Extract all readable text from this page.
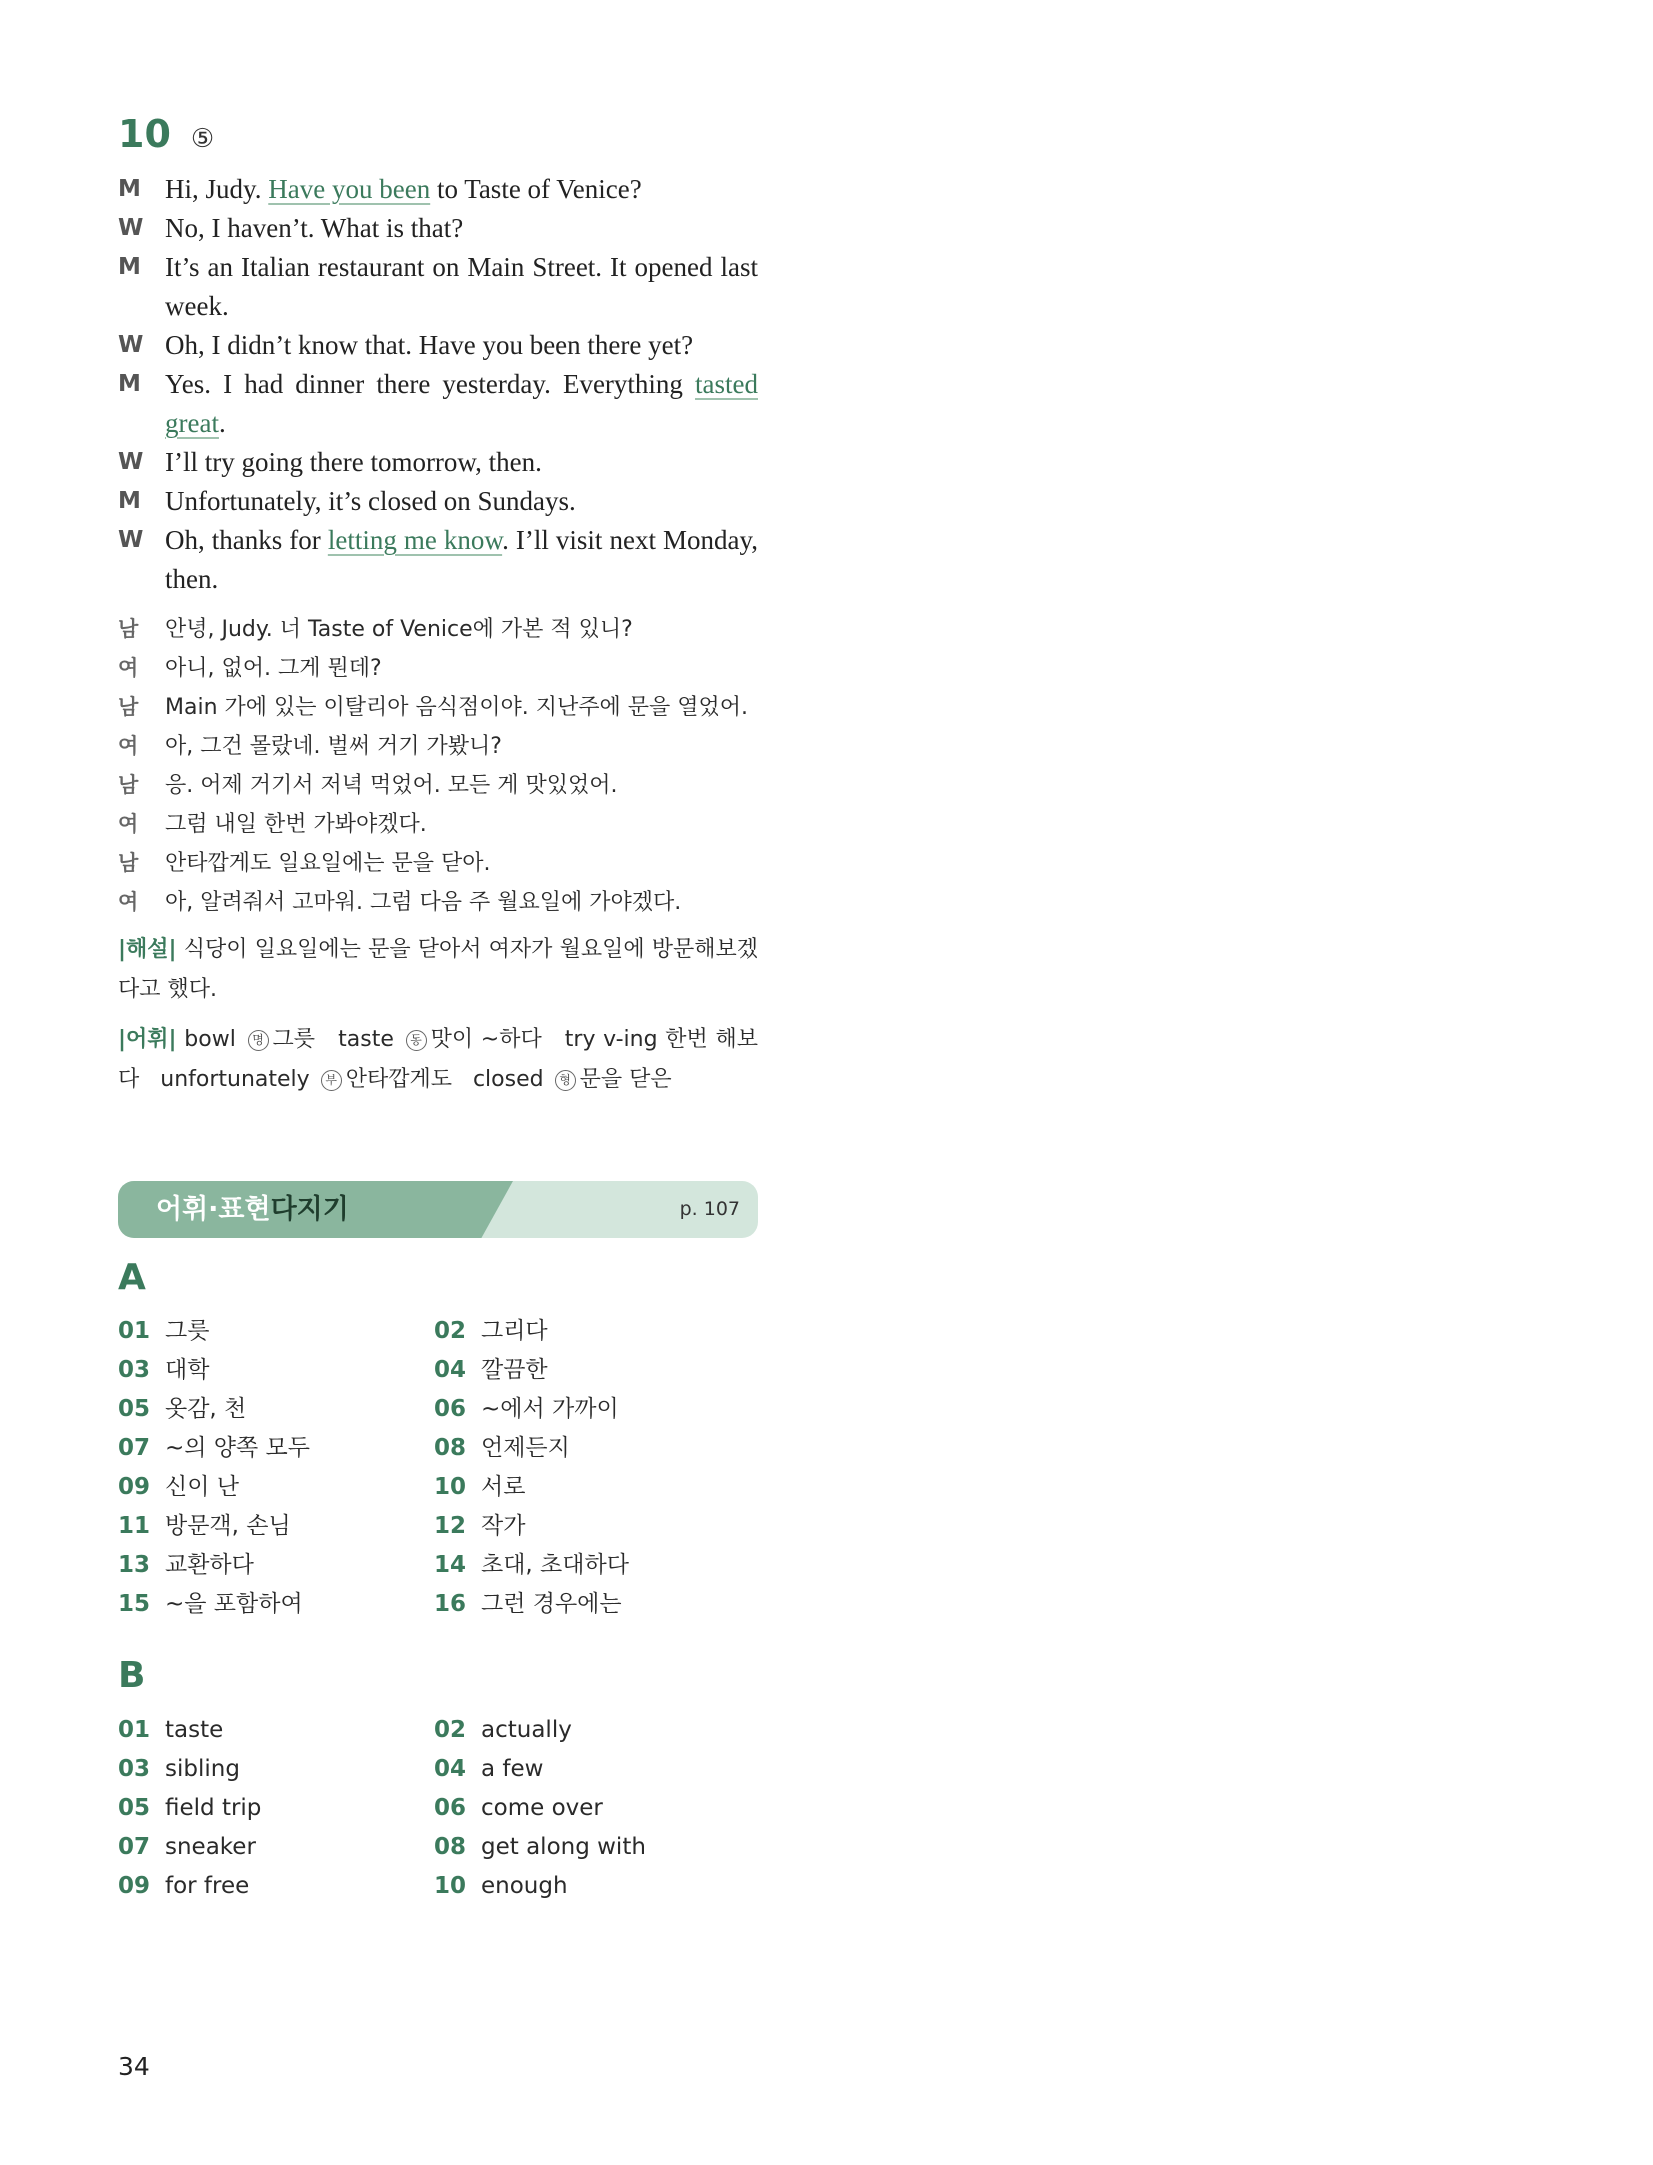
10 ⑤
M Hi, Judy. Have you been to Taste of Venice?
W No, I haven’t. What is that?
M It’s an Italian restaurant on Main Street. It opened last week.
W Oh, I didn’t know that. Have you been there yet?
M Yes. I had dinner there yesterday. Everything tasted great.
W I’ll try going there tomorrow, then.
M Unfortunately, it’s closed on Sundays.
W Oh, thanks for letting me know. I’ll visit next Monday, then.
남	안녕, Judy. 너 Taste of Venice에 가본 적 있니?
여	아니, 없어. 그게 뭔데?
남	Main 가에 있는 이탈리아 음식점이야. 지난주에 문을 열었어.
여	아, 그건 몰랐네. 벌써 거기 가봤니?
남	응. 어제 거기서 저녁 먹었어. 모든 게 맛있었어.
여	그럼 내일 한번 가봐야겠다.
남	안타깝게도 일요일에는 문을 닫아.
여	아, 알려줘서 고마워. 그럼 다음 주 월요일에 가야겠다.
|해설| 식당이 일요일에는 문을 닫아서 여자가 월요일에 방문해보겠다고 했다.
|어휘| bowl 명 그릇 taste 동 맛이 ~하다 try v-ing 한번 해보다 unfortunately 부 안타깝게도 closed 형 문을 닫은
어휘·표현다지기	p. 107
A
01 그릇	02 그리다
03 대학	04 깔끔한
05 옷감, 천	06 ~에서 가까이
07 ~의 양쪽 모두	08 언제든지
09 신이 난	10 서로
11 방문객, 손님	12 작가
13 교환하다	14 초대, 초대하다
15 ~을 포함하여	16 그런 경우에는
B
01 taste	02 actually
03 sibling	04 a few
05 field trip	06 come over
07 sneaker	08 get along with
09 for free	10 enough
34
